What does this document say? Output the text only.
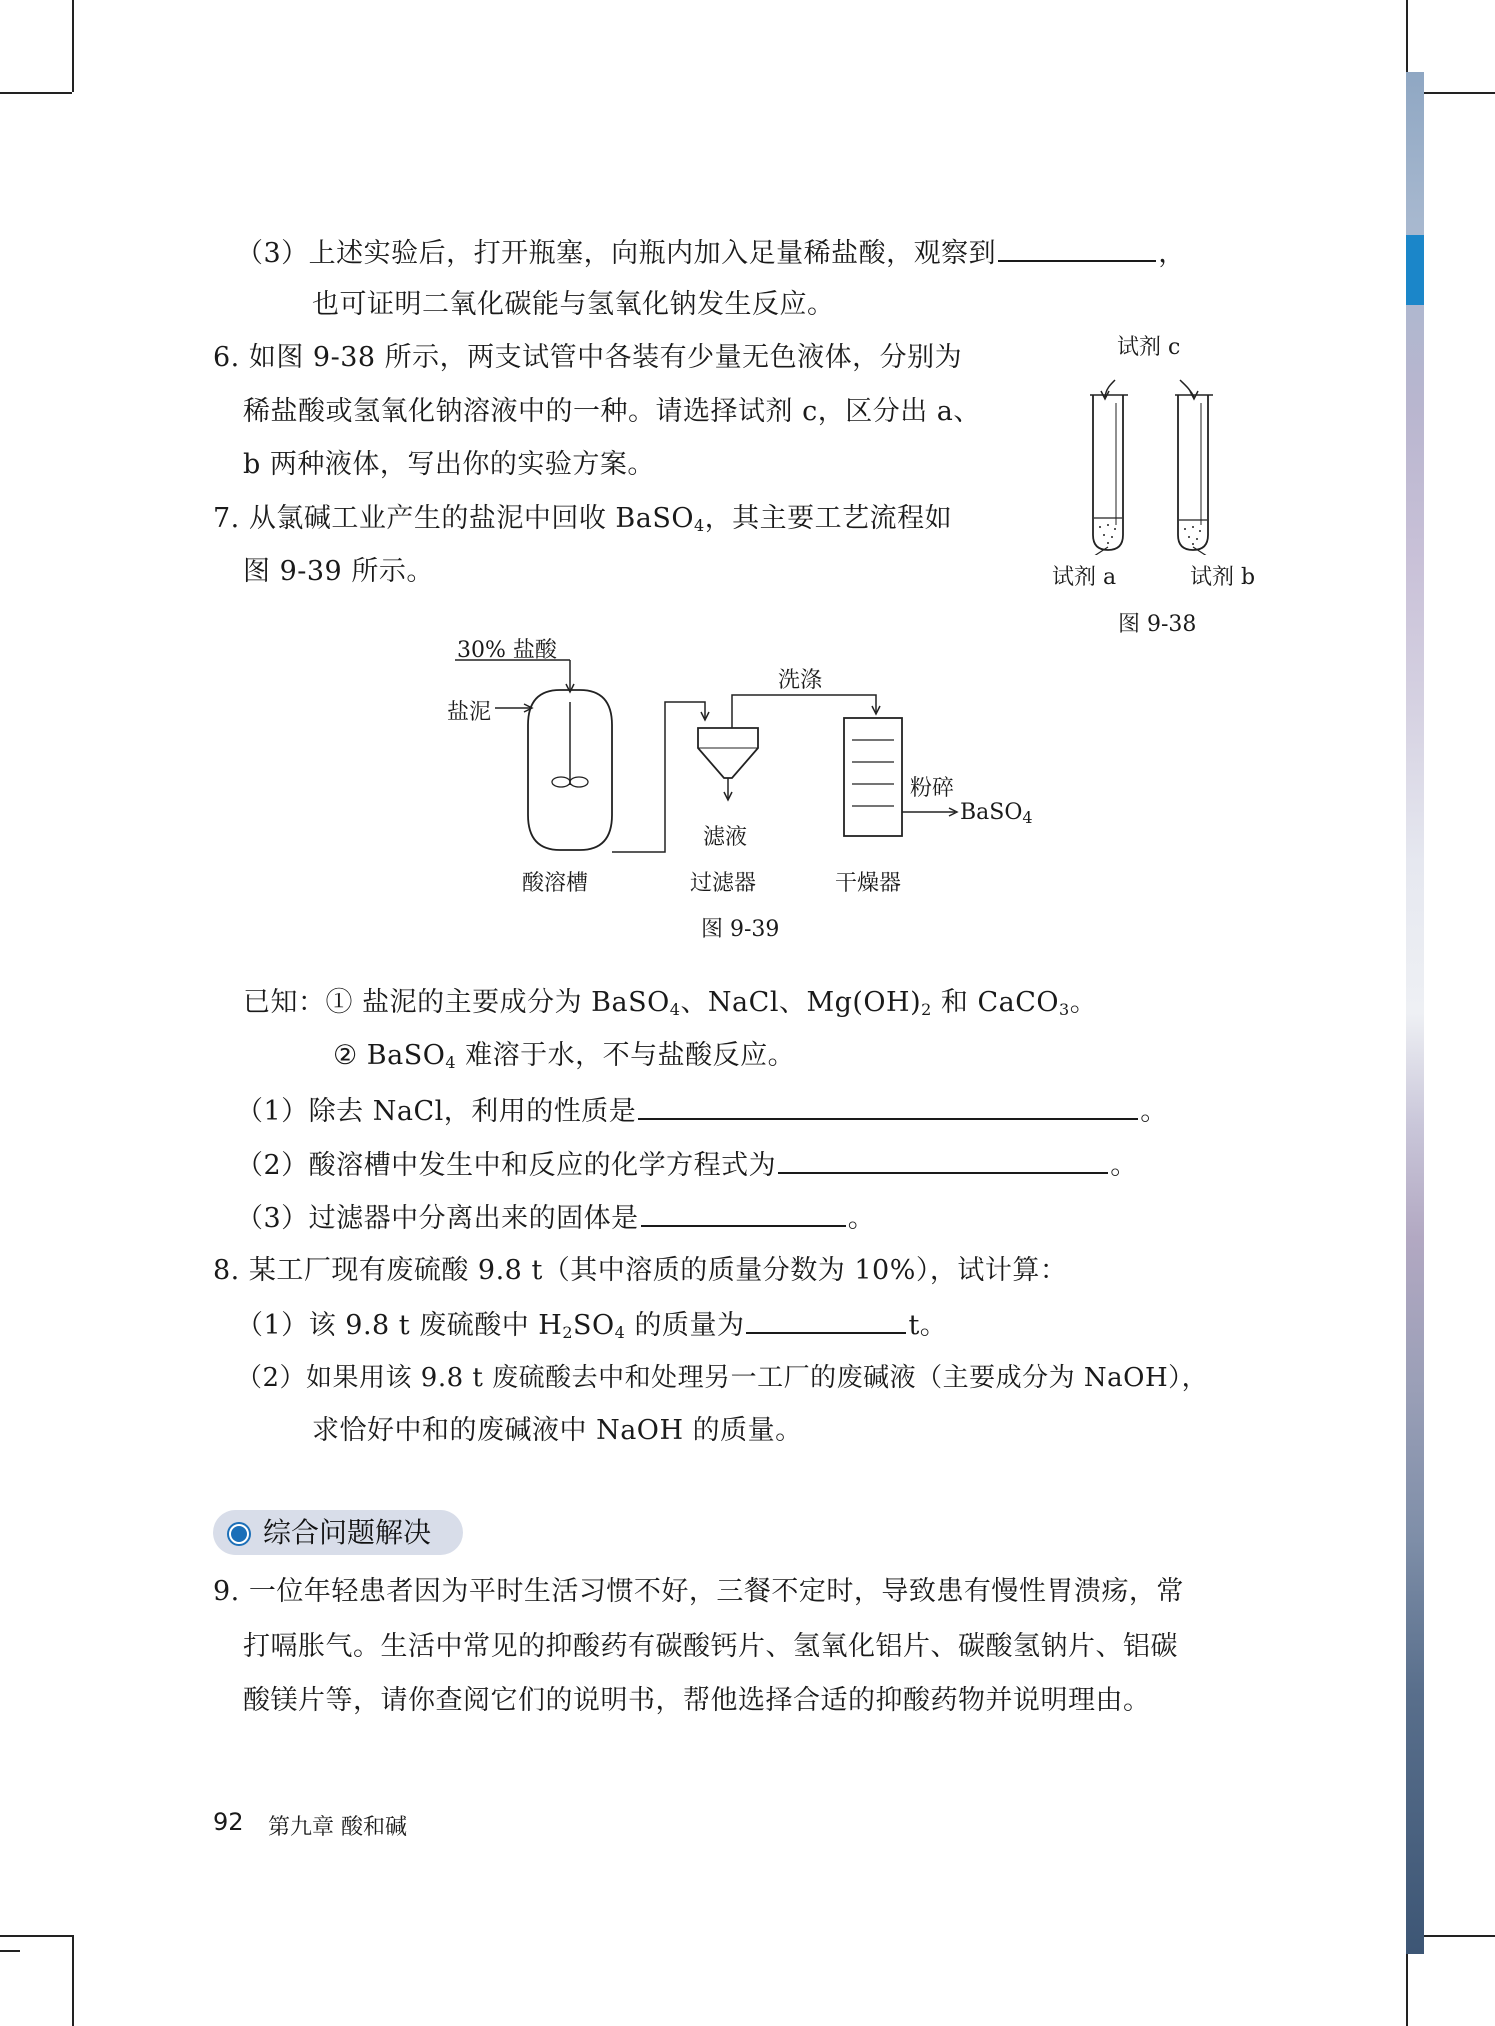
（3）上述实验后，打开瓶塞，向瓶内加入足量稀盐酸，观察到	，
也可证明二氧化碳能与氢氧化钠发生反应。
6. 如图 9-38 所示，两支试管中各装有少量无色液体，分别为
稀盐酸或氢氧化钠溶液中的一种。请选择试剂 c，区分出 a、
b 两种液体，写出你的实验方案。
7. 从氯碱工业产生的盐泥中回收 BaSO$_4$，其主要工艺流程如
图 9-39 所示。
试剂 c
试剂 a	试剂 b
图 9-38
30% 盐酸
盐泥
洗涤
滤液
粉碎
BaSO$_4$
酸溶槽	过滤器	干燥器
图 9-39
已知：① 盐泥的主要成分为 BaSO$_4$、NaCl、$Mg(OH)_2$ 和 CaCO$_3$。
② BaSO$_4$ 难溶于水，不与盐酸反应。
（1）除去 NaCl，利用的性质是	。
（2）酸溶槽中发生中和反应的化学方程式为	。
（3）过滤器中分离出来的固体是	。
8. 某工厂现有废硫酸 9.8 t（其中溶质的质量分数为 10%），试计算：
（1）该 9.8 t 废硫酸中 $H_2SO_4$ 的质量为	t。
（2）如果用该 9.8 t 废硫酸去中和处理另一工厂的废碱液（主要成分为 NaOH），
求恰好中和的废碱液中 NaOH 的质量。
综合问题解决
9. 一位年轻患者因为平时生活习惯不好，三餐不定时，导致患有慢性胃溃疡，常
打嗝胀气。生活中常见的抑酸药有碳酸钙片、氢氧化铝片、碳酸氢钠片、铝碳
酸镁片等，请你查阅它们的说明书，帮他选择合适的抑酸药物并说明理由。
92 第九章 酸和碱
